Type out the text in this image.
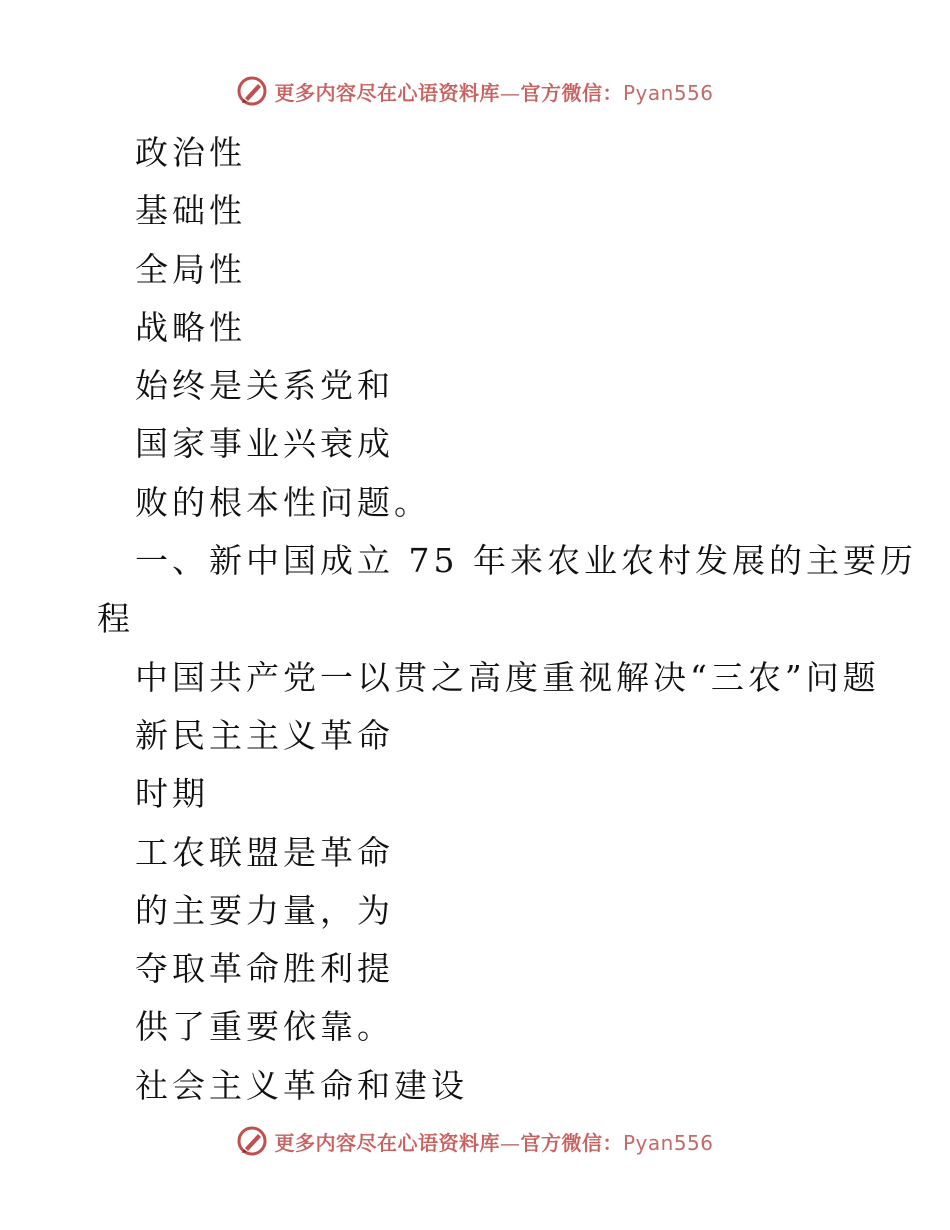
更多内容尽在心语资料库—官方微信：Pyan556
政治性
基础性
全局性
战略性
始终是关系党和
国家事业兴衰成
败的根本性问题。
一、新中国成立 75 年来农业农村发展的主要历
程
中国共产党一以贯之高度重视解决“三农”问题
新民主主义革命
时期
工农联盟是革命
的主要力量，为
夺取革命胜利提
供了重要依靠。
社会主义革命和建设
更多内容尽在心语资料库—官方微信：Pyan556
